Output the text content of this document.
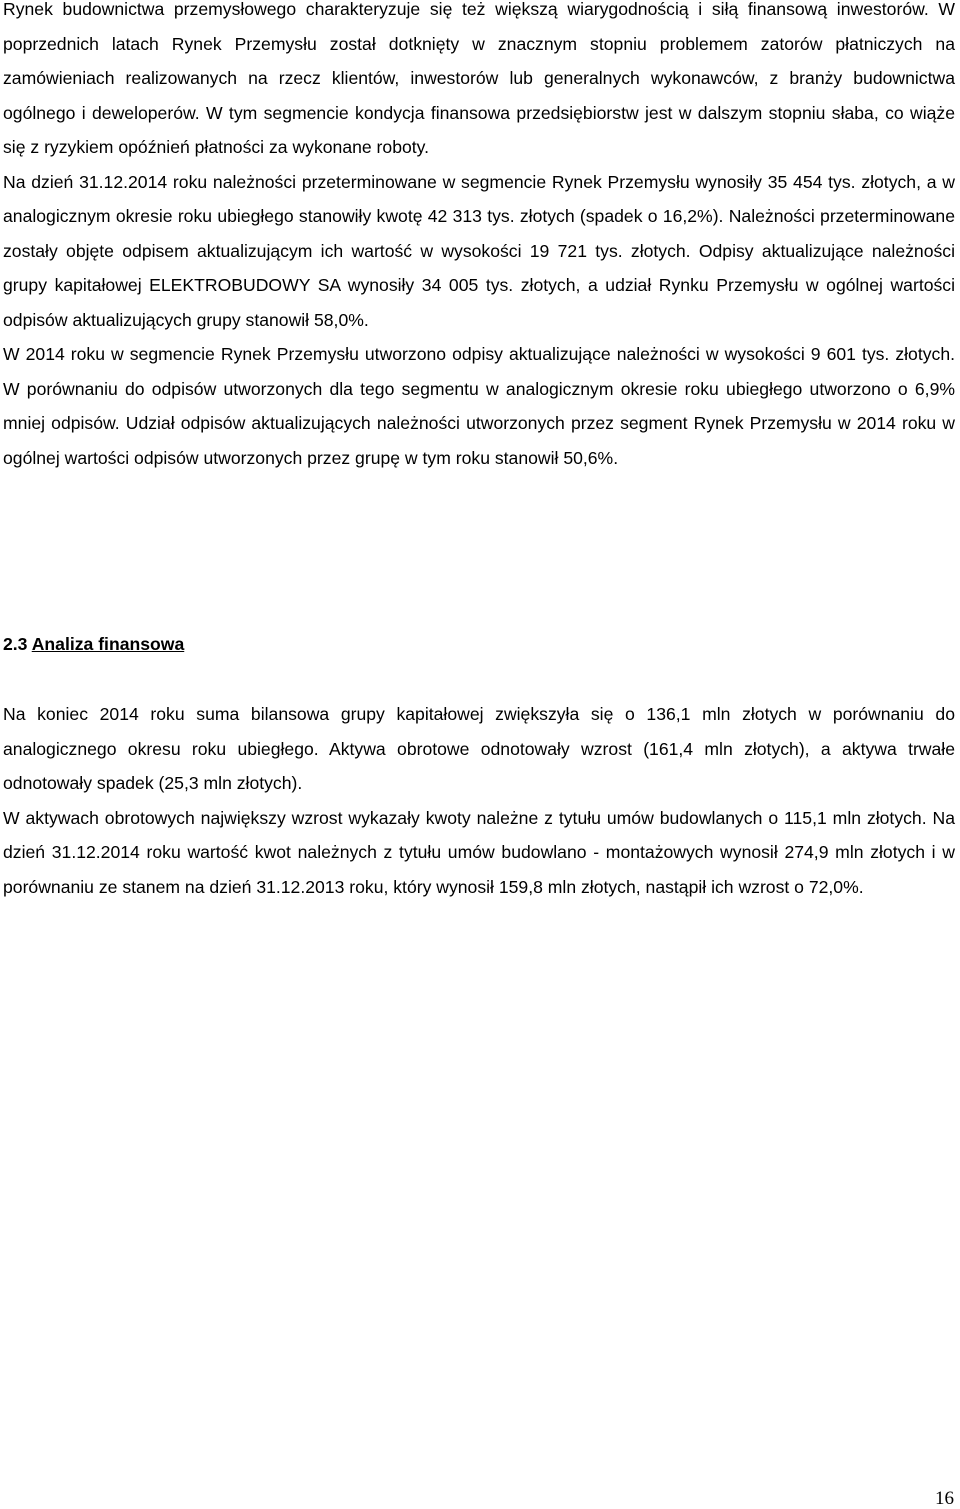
Rynek budownictwa przemysłowego charakteryzuje się też większą wiarygodnością i siłą finansową inwestorów. W poprzednich latach Rynek Przemysłu został dotknięty w znacznym stopniu problemem zatorów płatniczych na zamówieniach realizowanych na rzecz klientów, inwestorów lub generalnych wykonawców, z branży budownictwa ogólnego i deweloperów. W tym segmencie kondycja finansowa przedsiębiorstw jest w dalszym stopniu słaba, co wiąże się z ryzykiem opóźnień płatności za wykonane roboty.

Na dzień 31.12.2014 roku należności przeterminowane w segmencie Rynek Przemysłu wynosiły 35 454 tys. złotych, a w analogicznym okresie roku ubiegłego stanowiły kwotę 42 313 tys. złotych (spadek o 16,2%). Należności przeterminowane zostały objęte odpisem aktualizującym ich wartość w wysokości 19 721 tys. złotych. Odpisy aktualizujące należności grupy kapitałowej ELEKTROBUDOWY SA wynosiły 34 005 tys. złotych, a udział Rynku Przemysłu w ogólnej wartości odpisów aktualizujących grupy stanowił 58,0%.

W 2014 roku w segmencie Rynek Przemysłu utworzono odpisy aktualizujące należności w wysokości 9 601 tys. złotych. W porównaniu do odpisów utworzonych dla tego segmentu w analogicznym okresie roku ubiegłego utworzono o 6,9% mniej odpisów. Udział odpisów aktualizujących należności utworzonych przez segment Rynek Przemysłu w 2014 roku w ogólnej wartości odpisów utworzonych przez grupę w tym roku stanowił 50,6%.

2.3 Analiza finansowa

Na koniec 2014 roku suma bilansowa grupy kapitałowej zwiększyła się o 136,1 mln złotych w porównaniu do analogicznego okresu roku ubiegłego. Aktywa obrotowe odnotowały wzrost (161,4 mln złotych), a aktywa trwałe odnotowały spadek (25,3 mln złotych).

W aktywach obrotowych największy wzrost wykazały kwoty należne z tytułu umów budowlanych o 115,1 mln złotych. Na dzień 31.12.2014 roku wartość kwot należnych z tytułu umów budowlano - montażowych wynosił 274,9 mln złotych i w porównaniu ze stanem na dzień 31.12.2013 roku, który wynosił 159,8 mln złotych, nastąpił ich wzrost o 72,0%.

16
